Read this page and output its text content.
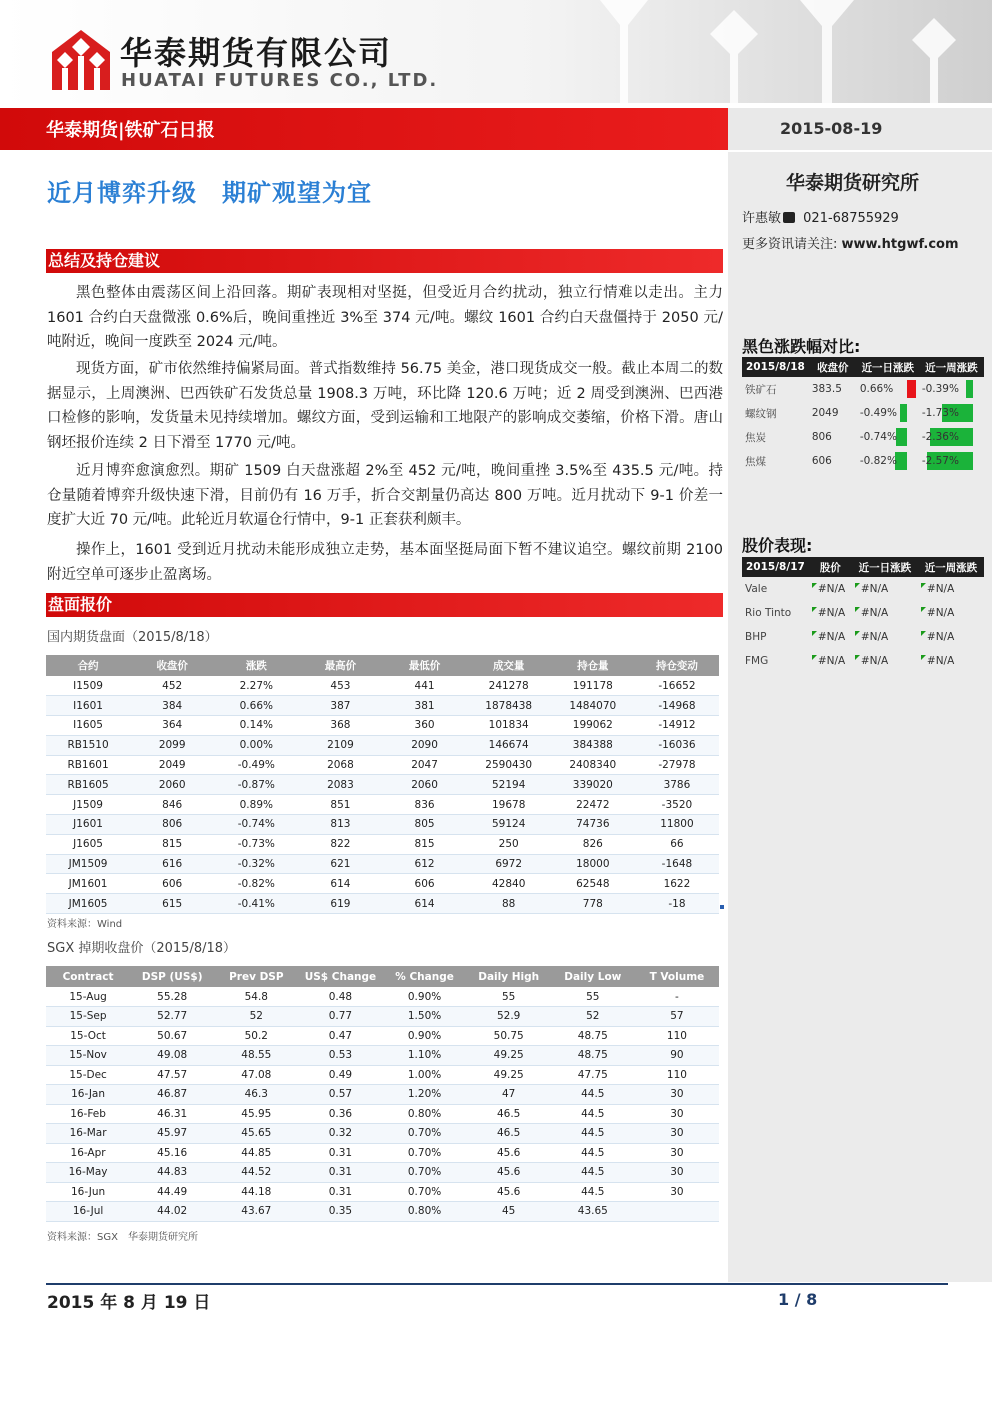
华泰期货有限公司
HUATAI FUTURES CO., LTD.
华泰期货|铁矿石日报	2015-08-19
华泰期货研究所
许惠敏 021-68755929
更多资讯请关注: www.htgwf.com
黑色涨跌幅对比:
2015/8/18	收盘价	近一日涨跌	近一周涨跌
铁矿石	383.5	0.66%	-0.39%
螺纹钢	2049	-0.49%	-1.73%
焦炭	806	-0.74%	-2.36%
焦煤	606	-0.82%	-2.57%
股价表现:
2015/8/17	股价	近一日涨跌	近一周涨跌
Vale	#N/A	#N/A	#N/A
Rio Tinto	#N/A	#N/A	#N/A
BHP	#N/A	#N/A	#N/A
FMG	#N/A	#N/A	#N/A
近月博弈升级　期矿观望为宜
总结及持仓建议
黑色整体由震荡区间上沿回落。期矿表现相对坚挺，但受近月合约扰动，独立行情难以走出。主力 1601 合约白天盘微涨 0.6%后，晚间重挫近 3%至 374 元/吨。螺纹 1601 合约白天盘僵持于 2050 元/吨附近，晚间一度跌至 2024 元/吨。
现货方面，矿市依然维持偏紧局面。普式指数维持 56.75 美金，港口现货成交一般。截止本周二的数据显示，上周澳洲、巴西铁矿石发货总量 1908.3 万吨，环比降 120.6 万吨；近 2 周受到澳洲、巴西港口检修的影响，发货量未见持续增加。螺纹方面，受到运输和工地限产的影响成交萎缩，价格下滑。唐山钢坯报价连续 2 日下滑至 1770 元/吨。
近月博弈愈演愈烈。期矿 1509 白天盘涨超 2%至 452 元/吨，晚间重挫 3.5%至 435.5 元/吨。持仓量随着博弈升级快速下滑，目前仍有 16 万手，折合交割量仍高达 800 万吨。近月扰动下 9-1 价差一度扩大近 70 元/吨。此轮近月软逼仓行情中，9-1 正套获利颇丰。
操作上，1601 受到近月扰动未能形成独立走势，基本面坚挺局面下暂不建议追空。螺纹前期 2100 附近空单可逐步止盈离场。
盘面报价
国内期货盘面（2015/8/18）
合约	收盘价	涨跌	最高价	最低价	成交量	持仓量	持仓变动
I1509	452	2.27%	453	441	241278	191178	-16652
I1601	384	0.66%	387	381	1878438	1484070	-14968
I1605	364	0.14%	368	360	101834	199062	-14912
RB1510	2099	0.00%	2109	2090	146674	384388	-16036
RB1601	2049	-0.49%	2068	2047	2590430	2408340	-27978
RB1605	2060	-0.87%	2083	2060	52194	339020	3786
J1509	846	0.89%	851	836	19678	22472	-3520
J1601	806	-0.74%	813	805	59124	74736	11800
J1605	815	-0.73%	822	815	250	826	66
JM1509	616	-0.32%	621	612	6972	18000	-1648
JM1601	606	-0.82%	614	606	42840	62548	1622
JM1605	615	-0.41%	619	614	88	778	-18
资料来源：Wind
SGX 掉期收盘价（2015/8/18）
Contract	DSP (US$)	Prev DSP	US$ Change	% Change	Daily High	Daily Low	T Volume
15-Aug	55.28	54.8	0.48	0.90%	55	55	-
15-Sep	52.77	52	0.77	1.50%	52.9	52	57
15-Oct	50.67	50.2	0.47	0.90%	50.75	48.75	110
15-Nov	49.08	48.55	0.53	1.10%	49.25	48.75	90
15-Dec	47.57	47.08	0.49	1.00%	49.25	47.75	110
16-Jan	46.87	46.3	0.57	1.20%	47	44.5	30
16-Feb	46.31	45.95	0.36	0.80%	46.5	44.5	30
16-Mar	45.97	45.65	0.32	0.70%	46.5	44.5	30
16-Apr	45.16	44.85	0.31	0.70%	45.6	44.5	30
16-May	44.83	44.52	0.31	0.70%	45.6	44.5	30
16-Jun	44.49	44.18	0.31	0.70%	45.6	44.5	30
16-Jul	44.02	43.67	0.35	0.80%	45	43.65	
资料来源：SGX　华泰期货研究所
2015 年 8 月 19 日	1 / 8
